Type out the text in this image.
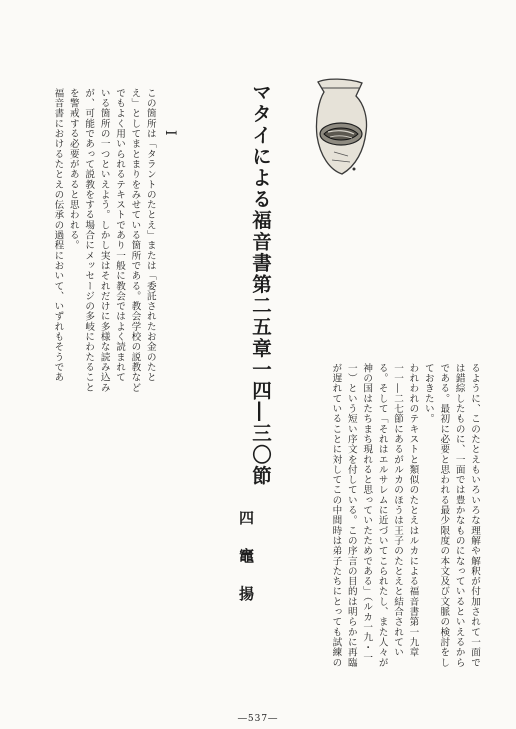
マタイによる福音書第二五章一四―三〇節
四　竈　揚
I
この箇所は「タラントのたとえ」または「委託されたお金のたと
え」としてまとまりをみせている箇所である。教会学校の説教など
でもよく用いられるテキストであり一般に教会ではよく読まれて
いる箇所の一つといえよう。しかし実はそれだけに多様な読み込み
が、可能であって説教をする場合にメッセージの多岐にわたること
を警戒する必要があると思われる。
福音書におけるたとえの伝承の過程において、いずれもそうであ
るように、このたとえもいろいろな理解や解釈が付加されて一面で
は錯綜したものに、一面では豊かなものになっているといえるから
である。最初に必要と思われる最少限度の本文及び文脈の検討をし
ておきたい。
われわれのテキストと類似のたとえはルカによる福音書第一九章
一一―二七節にあるがルカのほうは王子のたとえと結合されてい
る。そして「それはエルサレムに近づいてこられたし、また人々が
神の国はたちまち現れると思っていたためである」（ルカ一九・一
一）という短い序文を付している。この序言の目的は明らかに再臨
が遅れていることに対してこの中間時は弟子たちにとっても試練の
―537―
